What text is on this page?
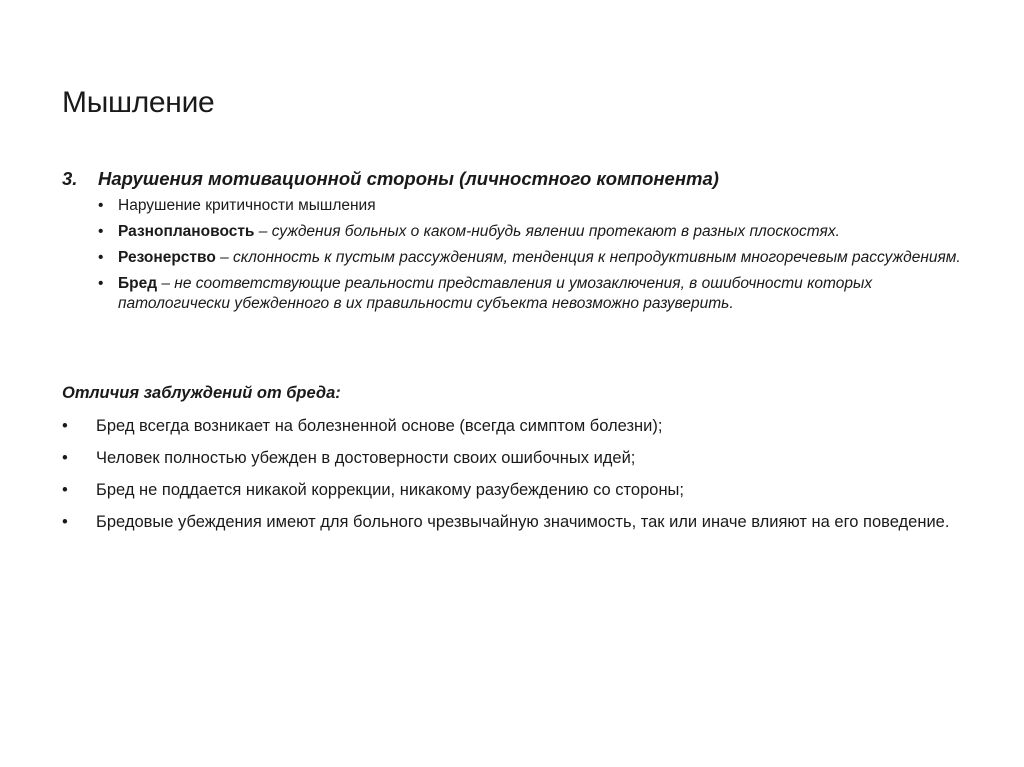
Мышление
3.	Нарушения мотивационной стороны (личностного компонента)
• Нарушение критичности мышления
• Разноплановость – суждения больных о каком-нибудь явлении протекают в разных плоскостях.
• Резонерство – склонность к пустым рассуждениям, тенденция к непродуктивным многоречевым рассуждениям.
• Бред – не соответствующие реальности представления и умозаключения, в ошибочности которых патологически убежденного в их правильности субъекта невозможно разуверить.
Отличия заблуждений от бреда:
• Бред всегда возникает на болезненной основе (всегда симптом болезни);
• Человек полностью убежден в достоверности своих ошибочных идей;
• Бред не поддается никакой коррекции, никакому разубеждению со стороны;
• Бредовые убеждения имеют для больного чрезвычайную значимость, так или иначе влияют на его поведение.
